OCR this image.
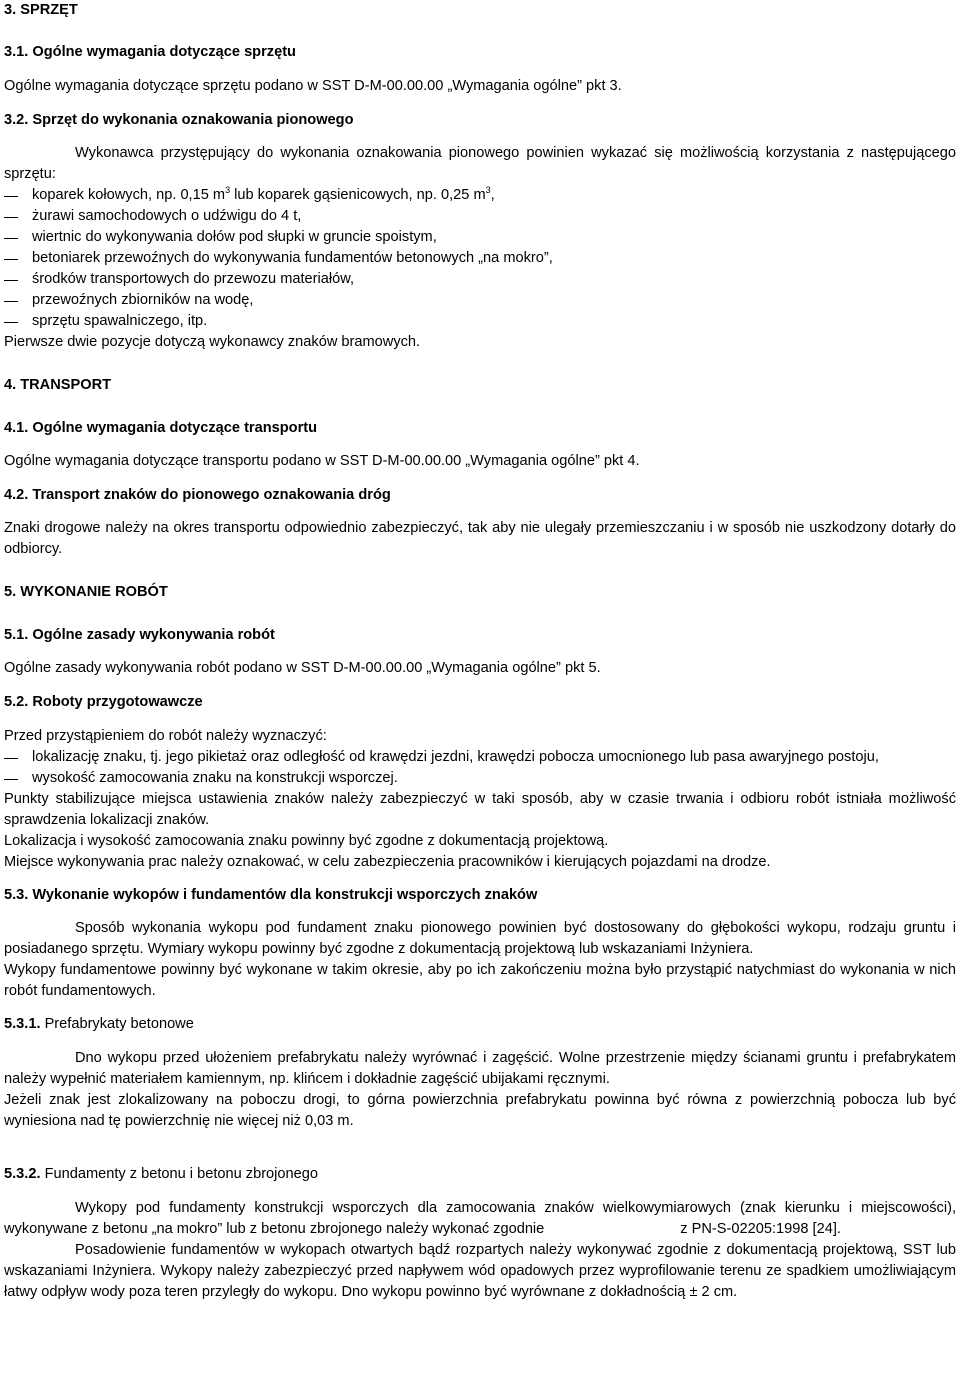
3. SPRZĘT

3.1. Ogólne wymagania dotyczące sprzętu

Ogólne wymagania dotyczące sprzętu podano w SST D-M-00.00.00 „Wymagania ogólne” pkt 3.

3.2. Sprzęt do wykonania oznakowania pionowego

Wykonawca przystępujący do wykonania oznakowania pionowego powinien wykazać się możliwością korzystania z następującego sprzętu:

koparek kołowych, np. 0,15 $m^3$ lub koparek gąsienicowych, np. 0,25 $m^3$,
żurawi samochodowych o udźwigu do 4 t,
wiertnic do wykonywania dołów pod słupki w gruncie spoistym,
betoniarek przewoźnych do wykonywania fundamentów betonowych „na mokro”,
środków transportowych do przewozu materiałów,
przewoźnych zbiorników na wodę,
sprzętu spawalniczego, itp.

Pierwsze dwie pozycje dotyczą wykonawcy znaków bramowych.

4. TRANSPORT

4.1. Ogólne wymagania dotyczące transportu

Ogólne wymagania dotyczące transportu podano w SST D-M-00.00.00 „Wymagania ogólne” pkt 4.

4.2. Transport znaków do pionowego oznakowania dróg

Znaki drogowe należy na okres transportu odpowiednio zabezpieczyć, tak aby nie ulegały przemieszczaniu i w sposób nie uszkodzony dotarły do odbiorcy.

5. WYKONANIE ROBÓT

5.1. Ogólne zasady wykonywania robót

Ogólne zasady wykonywania robót podano w SST D-M-00.00.00 „Wymagania ogólne” pkt 5.

5.2. Roboty przygotowawcze

Przed przystąpieniem do robót należy wyznaczyć:

lokalizację znaku, tj. jego pikietaż oraz odległość od krawędzi jezdni, krawędzi pobocza umocnionego lub pasa awaryjnego postoju,
wysokość zamocowania znaku na konstrukcji wsporczej.

Punkty stabilizujące miejsca ustawienia znaków należy zabezpieczyć w taki sposób, aby w czasie trwania i odbioru robót istniała możliwość sprawdzenia lokalizacji znaków.

Lokalizacja i wysokość zamocowania znaku powinny być zgodne z dokumentacją projektową.

Miejsce wykonywania prac należy oznakować, w celu zabezpieczenia pracowników i kierujących pojazdami na drodze.

5.3. Wykonanie wykopów i fundamentów dla konstrukcji wsporczych znaków

Sposób wykonania wykopu pod fundament znaku pionowego powinien być dostosowany do głębokości wykopu, rodzaju gruntu i posiadanego sprzętu. Wymiary wykopu powinny być zgodne z dokumentacją projektową lub wskazaniami Inżyniera.

Wykopy fundamentowe powinny być wykonane w takim okresie, aby po ich zakończeniu można było przystąpić natychmiast do wykonania w nich robót fundamentowych.

5.3.1. Prefabrykaty betonowe

Dno wykopu przed ułożeniem prefabrykatu należy wyrównać i zagęścić. Wolne przestrzenie między ścianami gruntu i prefabrykatem należy wypełnić materiałem kamiennym, np. klińcem i dokładnie zagęścić ubijakami ręcznymi.

Jeżeli znak jest zlokalizowany na poboczu drogi, to górna powierzchnia prefabrykatu powinna być równa z powierzchnią pobocza lub być wyniesiona nad tę powierzchnię nie więcej niż 0,03 m.

5.3.2. Fundamenty z betonu i betonu zbrojonego

Wykopy pod fundamenty konstrukcji wsporczych dla zamocowania znaków wielkowymiarowych (znak kierunku i miejscowości), wykonywane z betonu „na mokro” lub z betonu zbrojonego należy wykonać zgodnie	z PN-S-02205:1998 [24].

Posadowienie fundamentów w wykopach otwartych bądź rozpartych należy wykonywać zgodnie z dokumentacją projektową, SST lub wskazaniami Inżyniera. Wykopy należy zabezpieczyć przed napływem wód opadowych przez wyprofilowanie terenu ze spadkiem umożliwiającym łatwy odpływ wody poza teren przyległy do wykopu. Dno wykopu powinno być wyrównane z dokładnością ± 2 cm.
